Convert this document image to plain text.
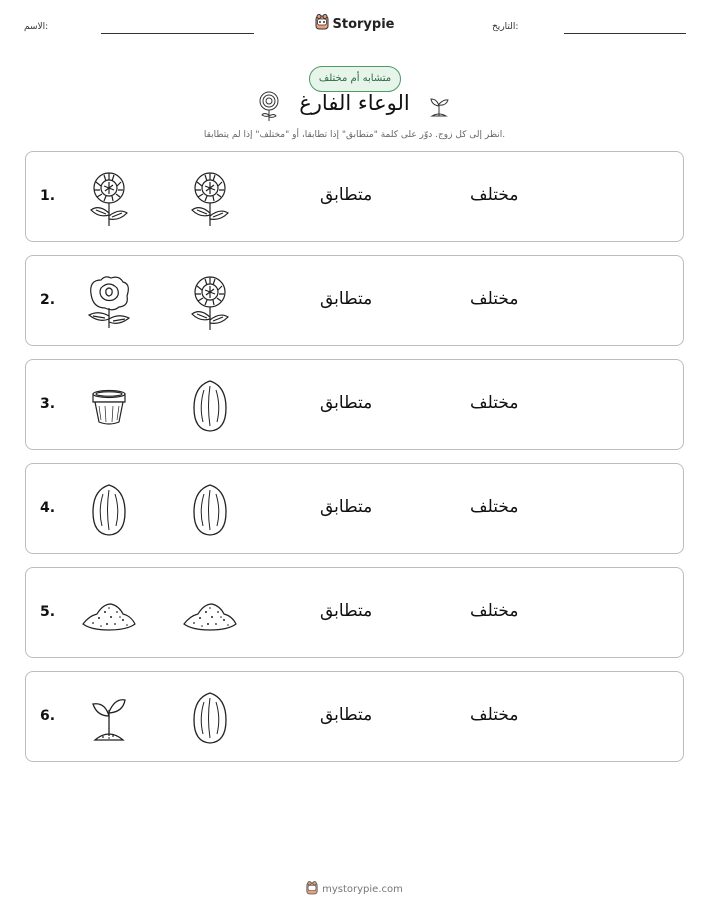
الاسم:	Storypie	التاريخ:
متشابه أم مختلف
الوعاء الفارغ
انظر إلى كل زوج. دوّر على كلمة "متطابق" إذا تطابقا، أو "مختلف" إذا لم يتطابقا.
1.	متطابق	مختلف
2.	متطابق	مختلف
3.	متطابق	مختلف
4.	متطابق	مختلف
5.	متطابق	مختلف
6.	متطابق	مختلف
mystorypie.com
